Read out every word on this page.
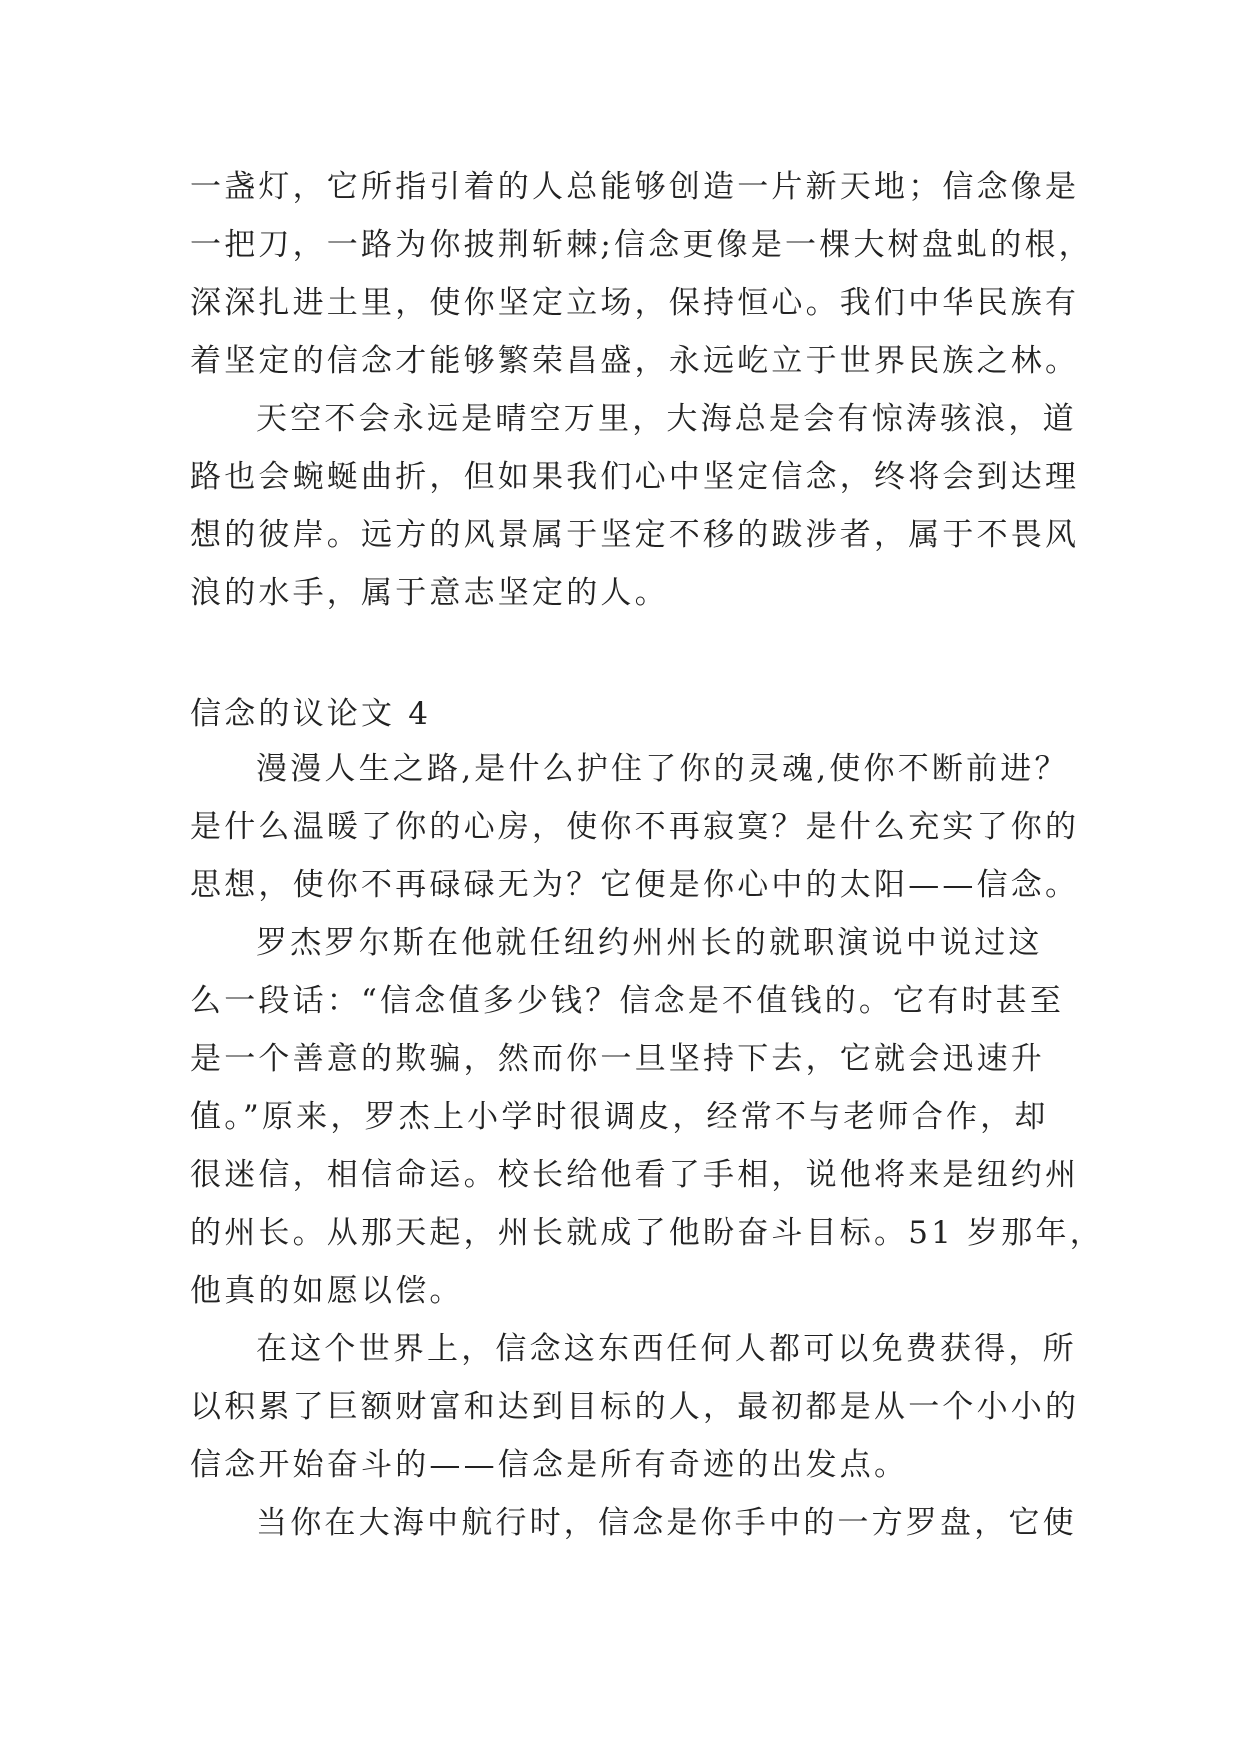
一盏灯，它所指引着的人总能够创造一片新天地；信念像是
一把刀，一路为你披荆斩棘;信念更像是一棵大树盘虬的根，
深深扎进土里，使你坚定立场，保持恒心。我们中华民族有
着坚定的信念才能够繁荣昌盛，永远屹立于世界民族之林。
天空不会永远是晴空万里，大海总是会有惊涛骇浪，道
路也会蜿蜒曲折，但如果我们心中坚定信念，终将会到达理
想的彼岸。远方的风景属于坚定不移的跋涉者，属于不畏风
浪的水手，属于意志坚定的人。
信念的议论文 4
漫漫人生之路,是什么护住了你的灵魂,使你不断前进？
是什么温暖了你的心房，使你不再寂寞？是什么充实了你的
思想，使你不再碌碌无为？它便是你心中的太阳——信念。
罗杰罗尔斯在他就任纽约州州长的就职演说中说过这
么一段话：“信念值多少钱？信念是不值钱的。它有时甚至
是一个善意的欺骗，然而你一旦坚持下去，它就会迅速升
值。”原来，罗杰上小学时很调皮，经常不与老师合作，却
很迷信，相信命运。校长给他看了手相，说他将来是纽约州
的州长。从那天起，州长就成了他盼奋斗目标。51 岁那年，
他真的如愿以偿。
在这个世界上，信念这东西任何人都可以免费获得，所
以积累了巨额财富和达到目标的人，最初都是从一个小小的
信念开始奋斗的——信念是所有奇迹的出发点。
当你在大海中航行时，信念是你手中的一方罗盘，它使
